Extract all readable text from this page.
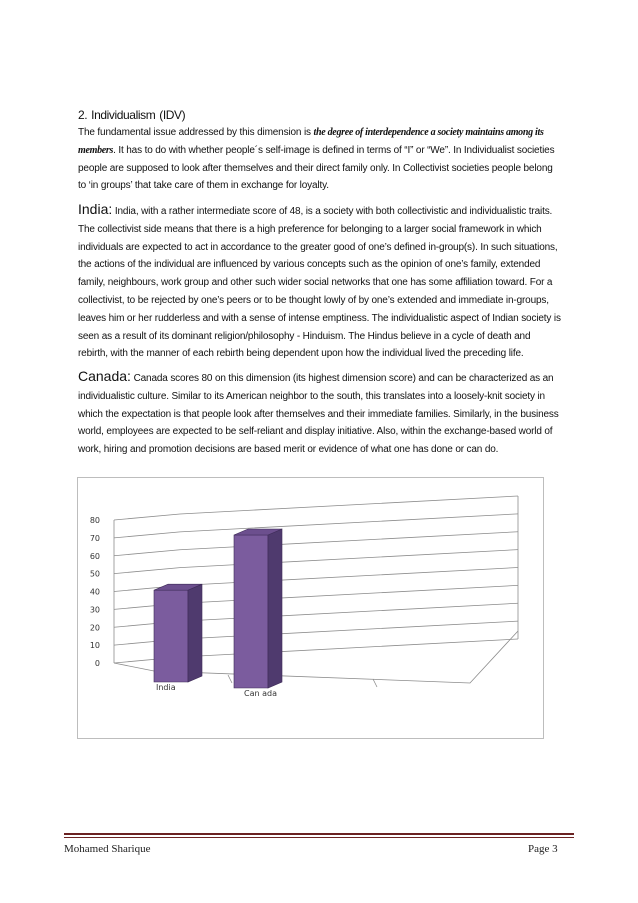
2. Individualism (IDV)
The fundamental issue addressed by this dimension is the degree of interdependence a society maintains among its members. It has to do with whether people´s self-image is defined in terms of “I” or “We”. In Individualist societies people are supposed to look after themselves and their direct family only. In Collectivist societies people belong to ‘in groups’ that take care of them in exchange for loyalty.
India: India, with a rather intermediate score of 48, is a society with both collectivistic and individualistic traits. The collectivist side means that there is a high preference for belonging to a larger social framework in which individuals are expected to act in accordance to the greater good of one’s defined in-group(s). In such situations, the actions of the individual are influenced by various concepts such as the opinion of one’s family, extended family, neighbours, work group and other such wider social networks that one has some affiliation toward. For a collectivist, to be rejected by one’s peers or to be thought lowly of by one’s extended and immediate in-groups, leaves him or her rudderless and with a sense of intense emptiness. The individualistic aspect of Indian society is seen as a result of its dominant religion/philosophy - Hinduism. The Hindus believe in a cycle of death and rebirth, with the manner of each rebirth being dependent upon how the individual lived the preceding life.
Canada: Canada scores 80 on this dimension (its highest dimension score) and can be characterized as an individualistic culture. Similar to its American neighbor to the south, this translates into a loosely-knit society in which the expectation is that people look after themselves and their immediate families. Similarly, in the business world, employees are expected to be self-reliant and display initiative. Also, within the exchange-based world of work, hiring and promotion decisions are based merit or evidence of what one has done or can do.
0
10
20
30
40
50
60
70
80
India
Can ada
Mohamed Sharique	Page 3
